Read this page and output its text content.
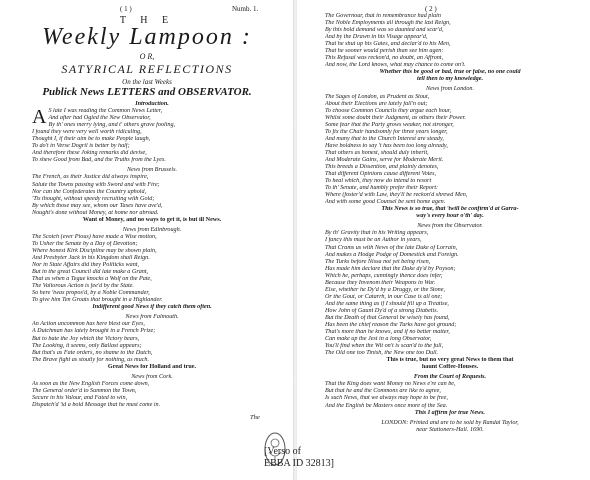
( 1 )	Numb. 1.
T H E
Weekly Lampoon :
O R,
SATYRICAL REFLECTIONS
On the last Weeks
Publick News LETTERS and OBSERVATOR.
Introduction.
A S late I was reading the Common News Letter,
And after had Ogled the New Observator,
By th' ones merry lying, and t' others grave fooling,
I found they were very well worth ridiculing,
Thought I, if their aim be to make People laugh,
To do't in Verse Dogril is better by half;
And therefore these Joking remarks did devise,
To shew Good from Bad, and the Truths from the Lyes.
News from Brussels.
The French, as their Justice did always inspire,
Salute the Towns passing with Sword and with Fire;
Nor can the Confederates the Country uphold,
'Tis thought, without speedy recruiting with Gold;
By which those may see, whom our Taxes have ave'd,
Nought's done without Money, at home nor abroad.
Want of Money, and no ways to get it, is but ill News.
News from Edinbrough.
The Scotch (ever Pious) have made a Wise motion,
To Usher the Senate by a Day of Devotion;
Where honest Kirk Discipline may be shown plain,
And Presbyter Jack in his Kingdom shall Reign.
Nor in State Affairs did they Politicks want,
But in the great Council did late make a Grant,
That as when a Tegue knocks a Wolf on the Pate,
The Valiorous Action is fee'd by the State.
So here 'twas propos'd, by a Noble Commander,
To give him Ten Groats that brought in a Highlander.
Indifferent good News if they catch them often.
News from Falmouth.
An Action uncommon has here blest our Eyes,
A Dutchman has lately brought in a French Prize;
But to bate the Joy which the Victory bears,
The Looking, it seems, only Ballast appears;
But that's as Fate orders, no shame to the Dutch,
The Brave fight as stoutly for nothing, as much.
Great News for Holland and true.
News from Cork.
As soon as the New English Forces come down,
The General order'd to Summon the Town,
Secure in his Valour, and Fated to win,
Dispatch'd 'id a bold Message that he must come in.
The
( 2 )
The Governour, that in remembrance had plain
The Noble Employments all through the last Reign,
By this bold demand was so daunted and scar'd,
And by the Drawn in his Visage appear'd,
That he shut up his Gates, and declar'd to his Men,
That he sooner would perish than see him agen:
This Refusal was reckon'd, no doubt, an Affront,
And now, the Lord knows, what may chance to come on't.
Whether this be good or bad, true or false, no one could
tell then to my knowledge.
News from London.
The Sages of London, as Prudent as Stout,
About their Elections are lately fall'n out;
To choose Common Councils they argue each hour,
Whilst some doubt their Judgment, as others their Power.
Some fear that the Party grows weaker, not stronger,
To fix the Chair handsomly for three years longer,
And many that to the Church Interest are steady,
Have boldness to say 't has been too long already,
That others as honest, should duly inherit,
And Moderate Gains, serve for Moderate Merit.
This breeds a Dissention, and plainly denotes,
That different Opinions cause different Votes,
To heal which, they now do intend to resort
To th' Senate, and humbly prefer their Report:
Where (foster'd with Law, they'll be reckon'd shrewd Men,
And with some good Counsel be sent home agen.
This News is so true, that 'twill be confirm'd at Garra-
way's every hour o'th' day.
News from the Observator.
By th' Gravity that in his Writing appears,
I fancy this must be an Author in years,
That Crams us with News of the late Duke of Lorrain,
And makes a Hodge Podge of Domestick and Foreign.
The Turks before Nissa not yet being risen,
Has made him declare that the Duke dy'd by Poyson;
Which he, perhaps, cunningly thence does infer,
Because they Invenom their Weapons in War.
Else, whether he Dy'd by a Druggy, or the Stone,
Or the Gout, or Catarrh, in our Case is all one;
And the same thing as if I should fill up a Treatise,
How John of Gaunt Dy'd of a strong Diabetis.
But the Death of that General be wisely has found,
Has been the chief reason the Turks have got ground;
That's more than he knows, and if no better matter,
Can make up the Jest in a long Observator,
You'll find when the Wit on't is scan'd to the full,
The Old one too Tinish, the New one too Dull.
This is true, but no very great News to them that
haunt Coffee-Houses.
From the Court of Requests.
That the King does want Money no News e're can be,
But that he and the Commons are like to agree,
Is such News, that we always may hope to be free,
And the English be Masters once more of the Sea.
This I affirm for true News.
LONDON: Printed and are to be sold by Randal Taylor,
near Stationers-Hall. 1690.
[Verso of
EBBA ID 32813]
